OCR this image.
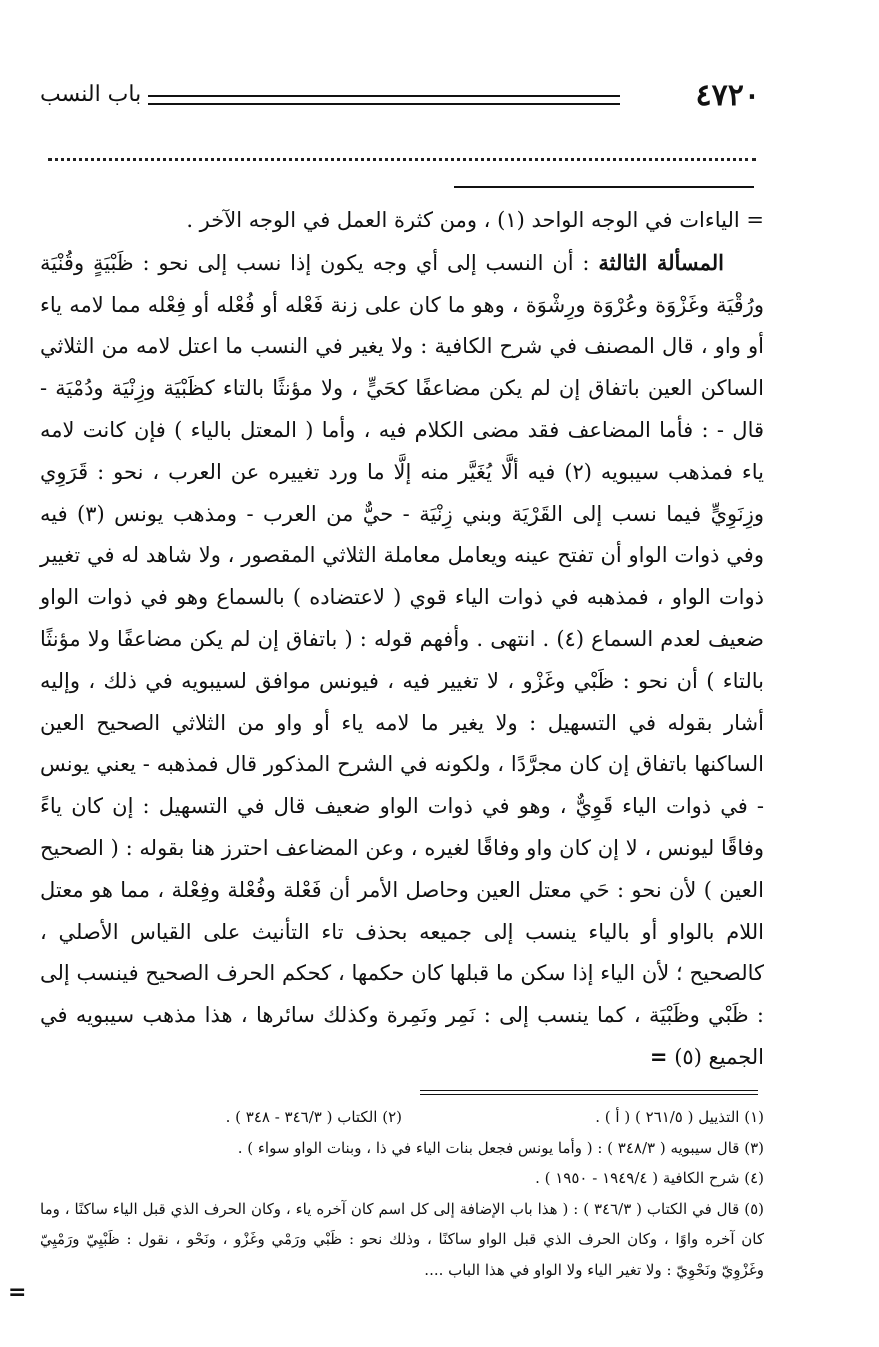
باب النسب	٤٧٢٠

= الياءات في الوجه الواحد (١) ، ومن كثرة العمل في الوجه الآخر .

المسألة الثالثة : أن النسب إلى أي وجه يكون إذا نسب إلى نحو : ظَبْيَةٍ وقُنْيَة ورُقْيَة وغَزْوَة وعُرْوَة ورِشْوَة ، وهو ما كان على زنة فَعْله أو فُعْله أو فِعْله مما لامه ياء أو واو ، قال المصنف في شرح الكافية : ولا يغير في النسب ما اعتل لامه من الثلاثي الساكن العين باتفاق إن لم يكن مضاعفًا كحَيٍّ ، ولا مؤنثًا بالتاء كظَبْيَة وزِنْيَة ودُمْيَة - قال - : فأما المضاعف فقد مضى الكلام فيه ، وأما ( المعتل بالياء ) فإن كانت لامه ياء فمذهب سيبويه (٢) فيه ألَّا يُغَيَّر منه إلَّا ما ورد تغييره عن العرب ، نحو : قَرَوِي وزِنَوِيٍّ فيما نسب إلى القَرْيَة وبني زِنْيَة - حيٌّ من العرب - ومذهب يونس (٣) فيه وفي ذوات الواو أن تفتح عينه ويعامل معاملة الثلاثي المقصور ، ولا شاهد له في تغيير ذوات الواو ، فمذهبه في ذوات الياء قوي ( لاعتضاده ) بالسماع وهو في ذوات الواو ضعيف لعدم السماع (٤) . انتهى . وأفهم قوله : ( باتفاق إن لم يكن مضاعفًا ولا مؤنثًا بالتاء ) أن نحو : ظَبْي وغَزْو ، لا تغيير فيه ، فيونس موافق لسيبويه في ذلك ، وإليه أشار بقوله في التسهيل : ولا يغير ما لامه ياء أو واو من الثلاثي الصحيح العين الساكنها باتفاق إن كان مجرَّدًا ، ولكونه في الشرح المذكور قال فمذهبه - يعني يونس - في ذوات الياء قَوِيٌّ ، وهو في ذوات الواو ضعيف قال في التسهيل : إن كان ياءً وفاقًا ليونس ، لا إن كان واو وفاقًا لغيره ، وعن المضاعف احترز هنا بقوله : ( الصحيح العين ) لأن نحو : حَي معتل العين وحاصل الأمر أن فَعْلة وفُعْلة وفِعْلة ، مما هو معتل اللام بالواو أو بالياء ينسب إلى جميعه بحذف تاء التأنيث على القياس الأصلي ، كالصحيح ؛ لأن الياء إذا سكن ما قبلها كان حكمها ، كحكم الحرف الصحيح فينسب إلى : ظَبْي وظَبْيَة ، كما ينسب إلى : نَمِر ونَمِرة وكذلك سائرها ، هذا مذهب سيبويه في الجميع (٥) =

(١) التذييل ( ٢٦١/٥ ) ( أ ) .
(٢) الكتاب ( ٣٤٦/٣ - ٣٤٨ ) .

(٣) قال سيبويه ( ٣٤٨/٣ ) : ( وأما يونس فجعل بنات الياء في ذا ، وبنات الواو سواء ) .

(٤) شرح الكافية ( ١٩٤٩/٤ - ١٩٥٠ ) .

(٥) قال في الكتاب ( ٣٤٦/٣ ) : ( هذا باب الإضافة إلى كل اسم كان آخره ياء ، وكان الحرف الذي قبل الياء ساكنًا ، وما كان آخره واوًا ، وكان الحرف الذي قبل الواو ساكنًا ، وذلك نحو : ظَبْي ورَمْي وغَزْو ، ونَحْو ، نقول : ظَبْيِيّ ورَمْيِيّ وغَزْوِيّ ونَحْوِيّ : ولا تغير الياء ولا الواو في هذا الباب ....

=
